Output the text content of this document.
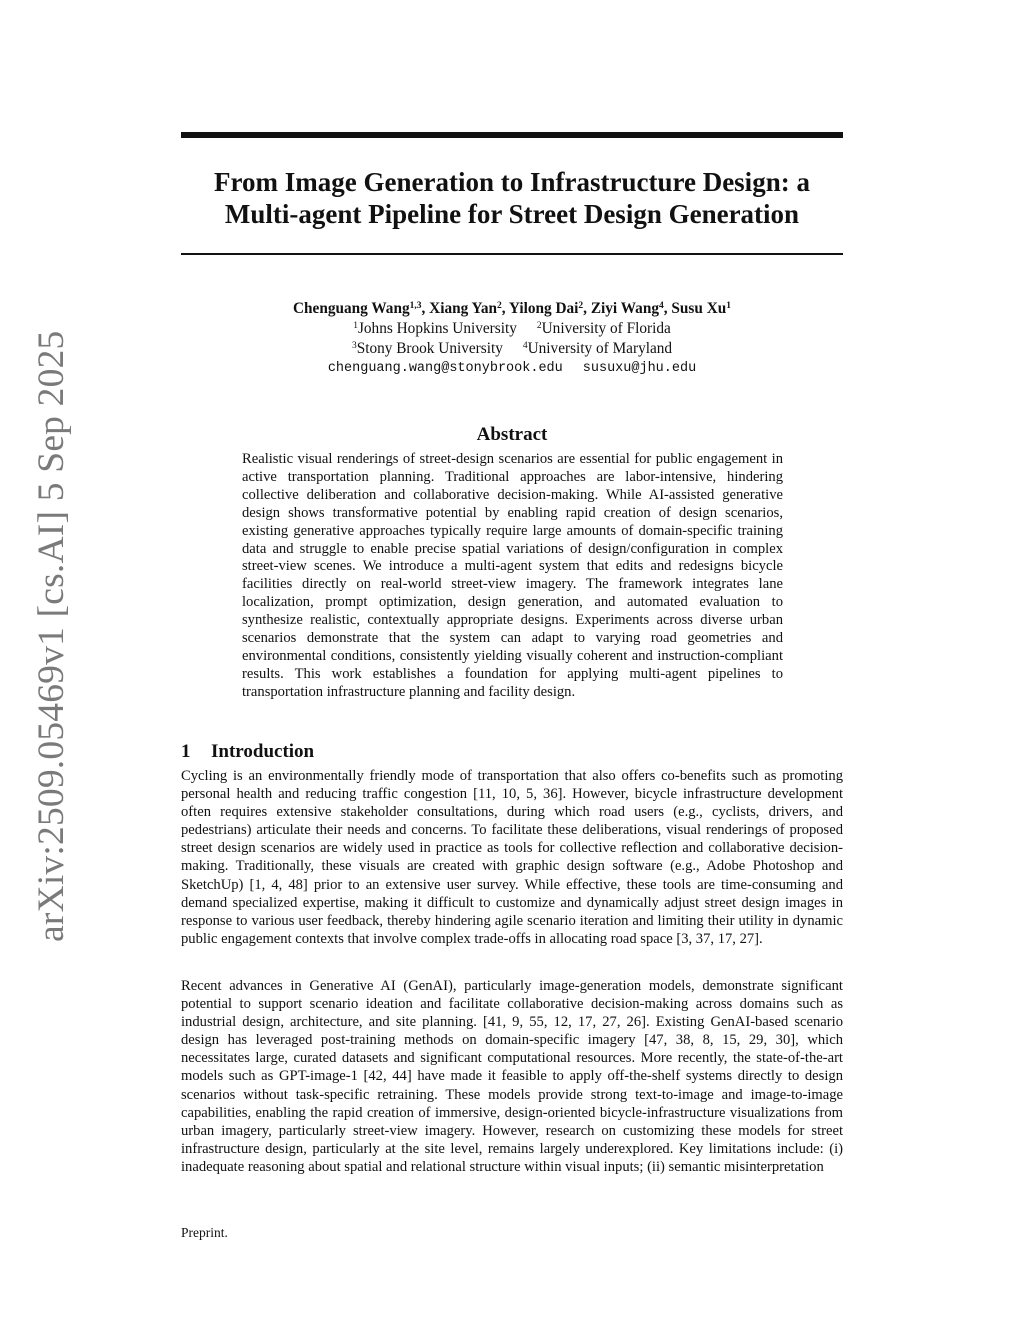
arXiv:2509.05469v1 [cs.AI] 5 Sep 2025
From Image Generation to Infrastructure Design: a
Multi-agent Pipeline for Street Design Generation
Chenguang Wang$^{1,3}$, Xiang Yan$^2$, Yilong Dai$^2$, Ziyi Wang$^4$, Susu Xu$^1$
$^1$Johns Hopkins University $^2$University of Florida
$^3$Stony Brook University $^4$University of Maryland
chenguang.wang@stonybrook.edu susuxu@jhu.edu
Abstract
Realistic visual renderings of street-design scenarios are essential for public engagement in active transportation planning. Traditional approaches are labor-intensive, hindering collective deliberation and collaborative decision-making. While AI-assisted generative design shows transformative potential by enabling rapid creation of design scenarios, existing generative approaches typically require large amounts of domain-specific training data and struggle to enable precise spatial variations of design/configuration in complex street-view scenes. We introduce a multi-agent system that edits and redesigns bicycle facilities directly on real-world street-view imagery. The framework integrates lane localization, prompt optimization, design generation, and automated evaluation to synthesize realistic, contextually appropriate designs. Experiments across diverse urban scenarios demonstrate that the system can adapt to varying road geometries and environmental conditions, consistently yielding visually coherent and instruction-compliant results. This work establishes a foundation for applying multi-agent pipelines to transportation infrastructure planning and facility design.
1 Introduction

Cycling is an environmentally friendly mode of transportation that also offers co-benefits such as promoting personal health and reducing traffic congestion [11, 10, 5, 36]. However, bicycle infrastructure development often requires extensive stakeholder consultations, during which road users (e.g., cyclists, drivers, and pedestrians) articulate their needs and concerns. To facilitate these deliberations, visual renderings of proposed street design scenarios are widely used in practice as tools for collective reflection and collaborative decision-making. Traditionally, these visuals are created with graphic design software (e.g., Adobe Photoshop and SketchUp) [1, 4, 48] prior to an extensive user survey. While effective, these tools are time-consuming and demand specialized expertise, making it difficult to customize and dynamically adjust street design images in response to various user feedback, thereby hindering agile scenario iteration and limiting their utility in dynamic public engagement contexts that involve complex trade-offs in allocating road space [3, 37, 17, 27].

Recent advances in Generative AI (GenAI), particularly image-generation models, demonstrate significant potential to support scenario ideation and facilitate collaborative decision-making across domains such as industrial design, architecture, and site planning. [41, 9, 55, 12, 17, 27, 26]. Existing GenAI-based scenario design has leveraged post-training methods on domain-specific imagery [47, 38, 8, 15, 29, 30], which necessitates large, curated datasets and significant computational resources. More recently, the state-of-the-art models such as GPT-image-1 [42, 44] have made it feasible to apply off-the-shelf systems directly to design scenarios without task-specific retraining. These models provide strong text-to-image and image-to-image capabilities, enabling the rapid creation of immersive, design-oriented bicycle-infrastructure visualizations from urban imagery, particularly street-view imagery. However, research on customizing these models for street infrastructure design, particularly at the site level, remains largely underexplored. Key limitations include: (i) inadequate reasoning about spatial and relational structure within visual inputs; (ii) semantic misinterpretation

Preprint.
